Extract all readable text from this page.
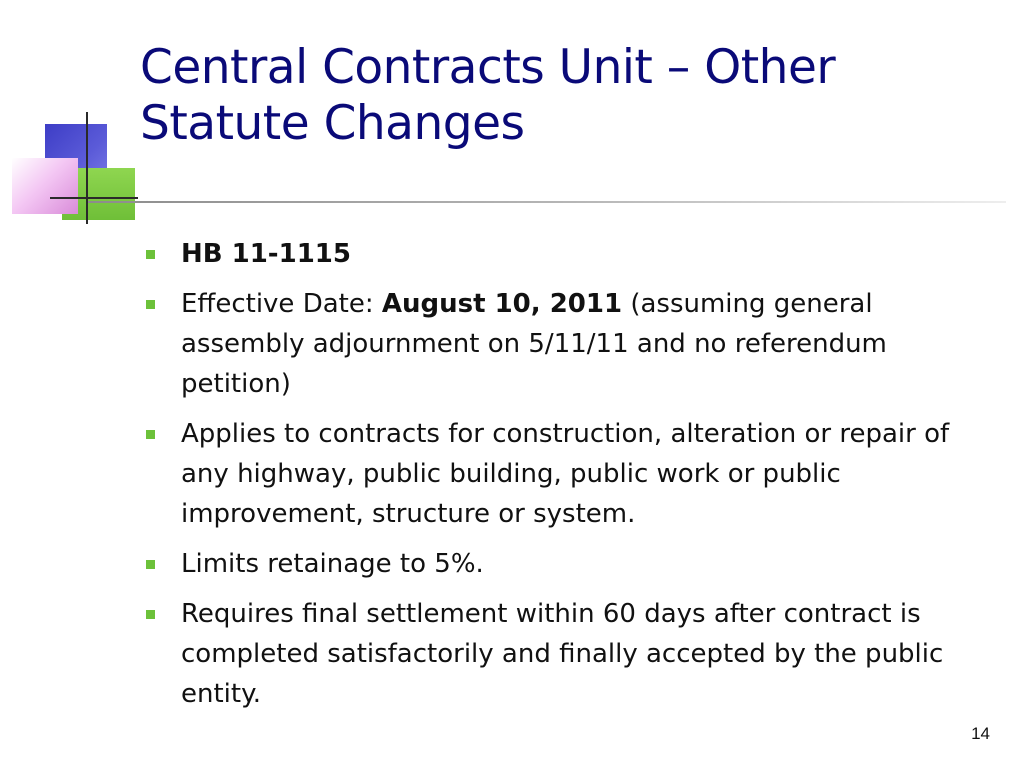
Central Contracts Unit – Other
Statute Changes
HB 11-1115
Effective Date: August 10, 2011 (assuming general assembly adjournment on 5/11/11 and no referendum petition)
Applies to contracts for construction, alteration or repair of any highway, public building, public work or public improvement, structure or system.
Limits retainage to 5%.
Requires final settlement within 60 days after contract is completed satisfactorily and finally accepted by the public entity.
14
